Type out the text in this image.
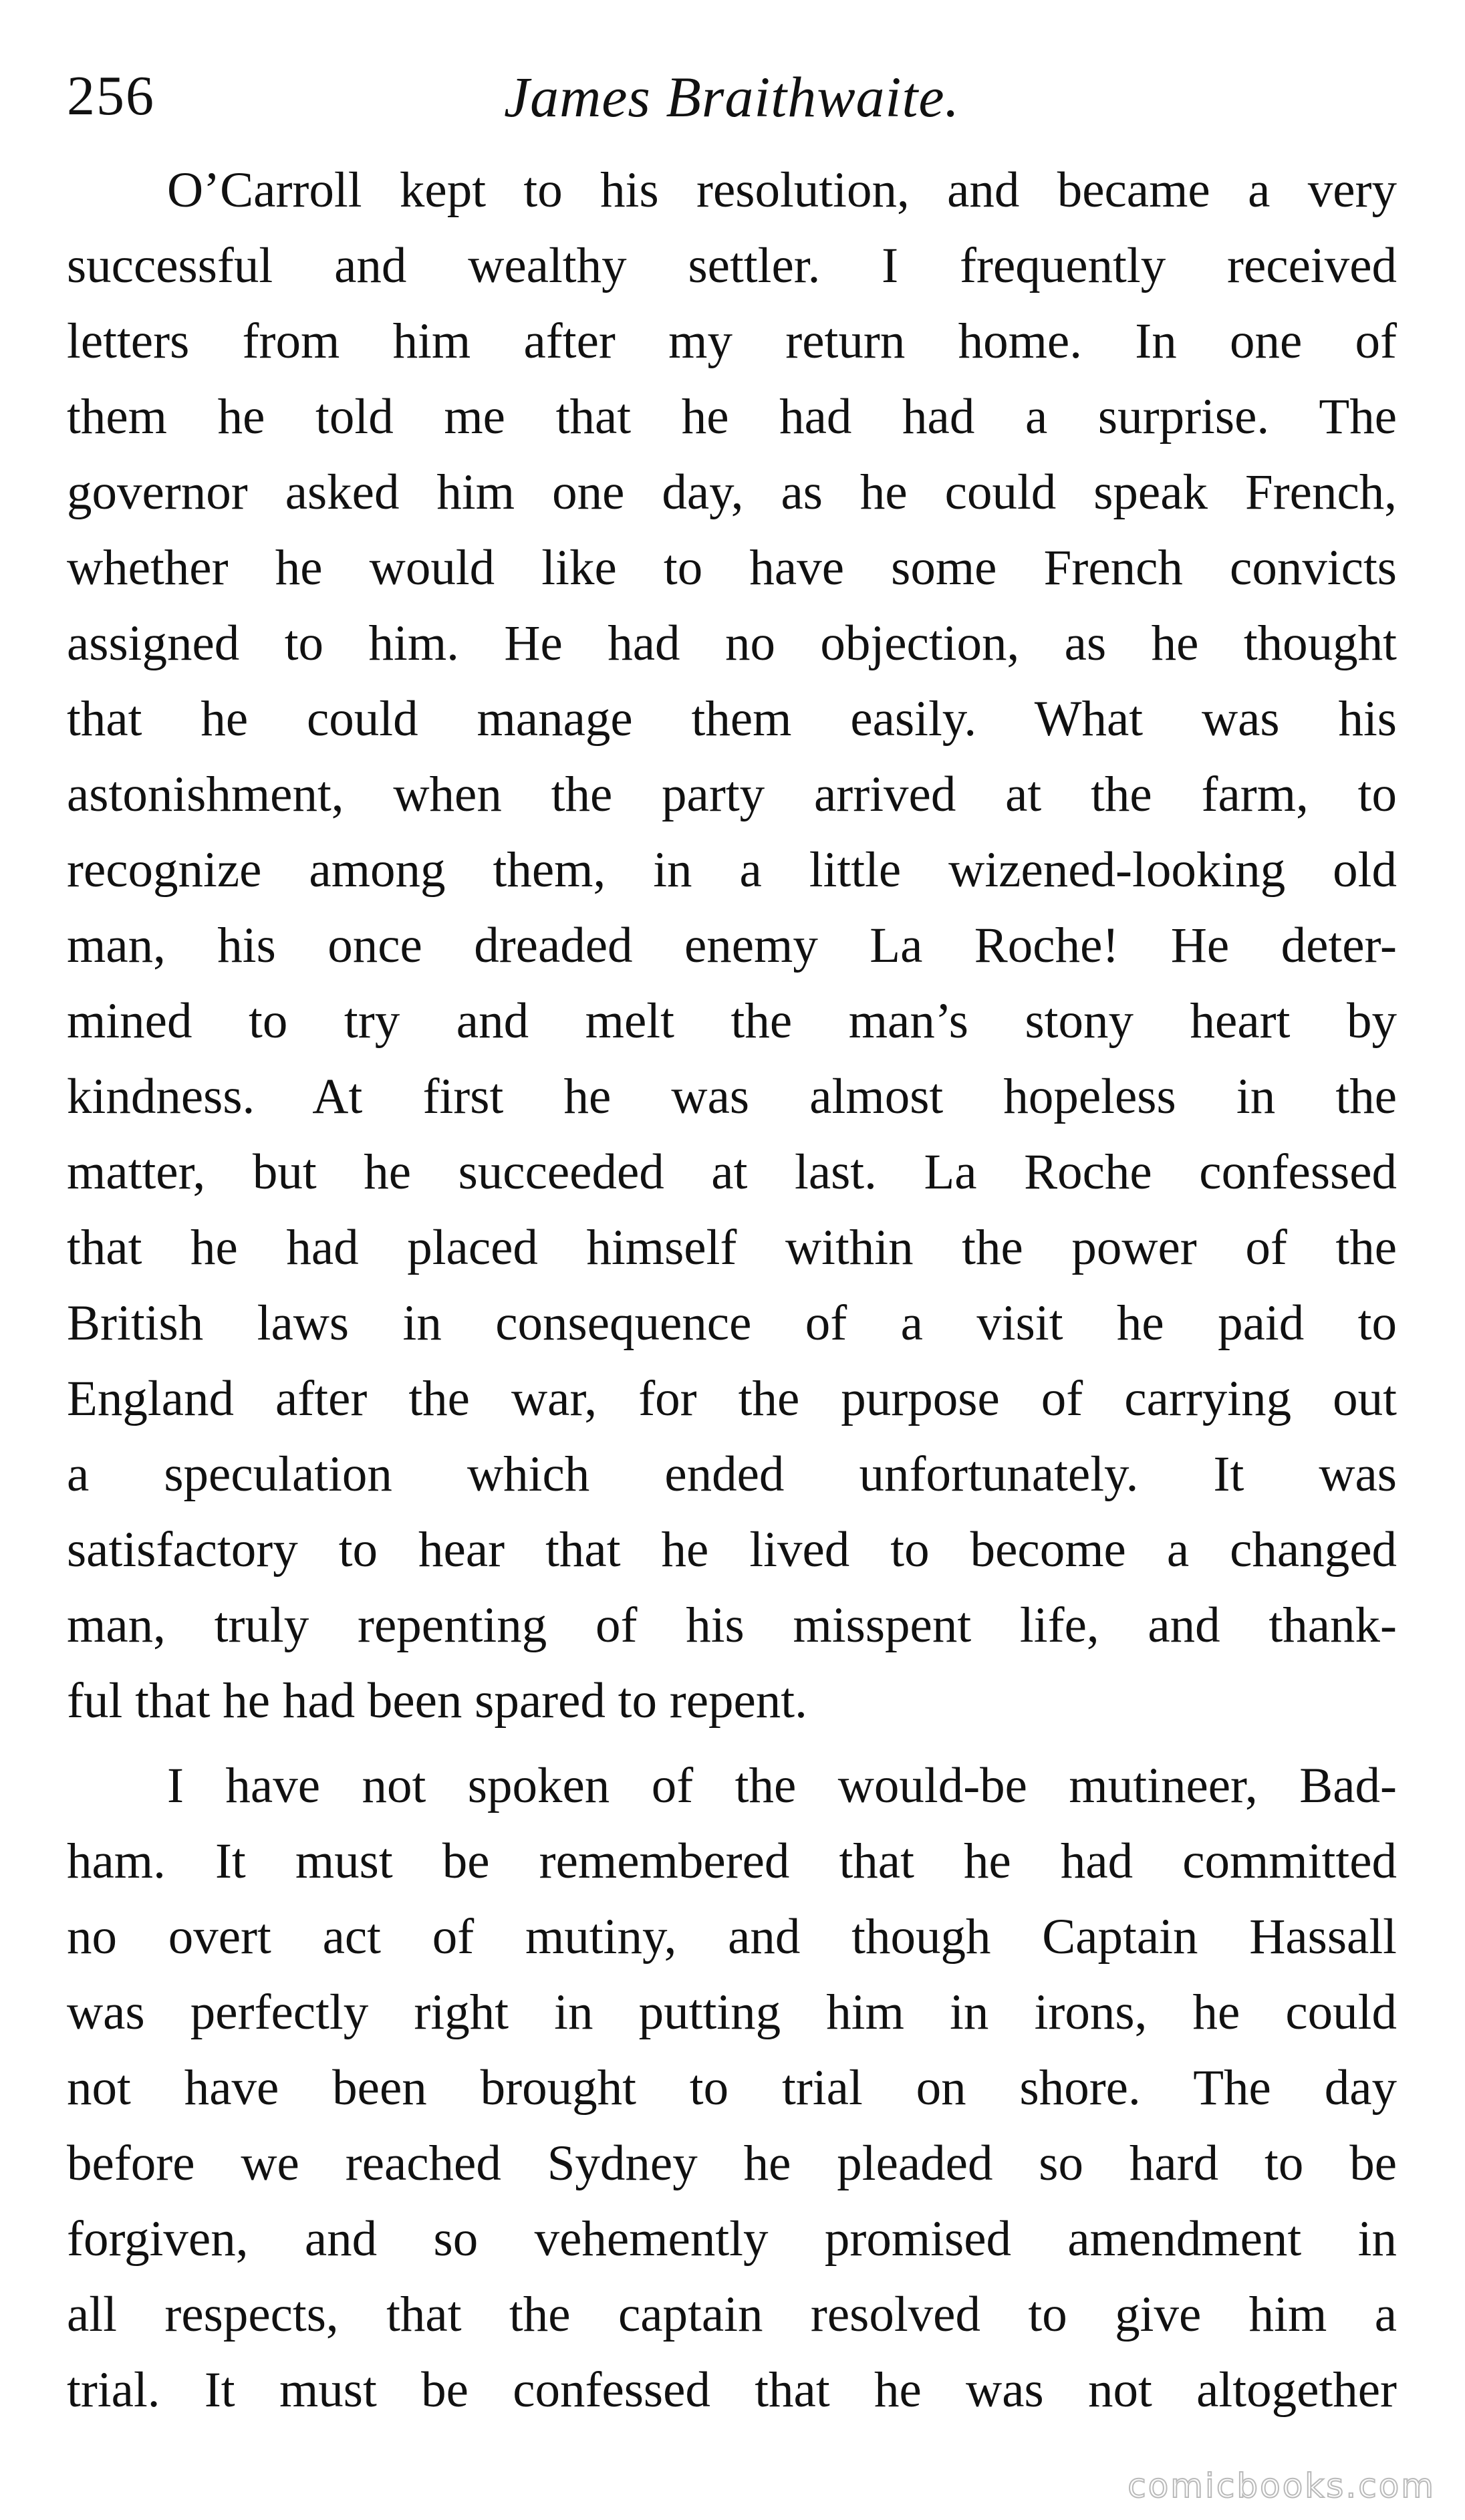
256	James Braithwaite.

O’Carroll kept to his resolution, and became a very
successful and wealthy settler. I frequently received
letters from him after my return home. In one of
them he told me that he had had a surprise. The
governor asked him one day, as he could speak French,
whether he would like to have some French convicts
assigned to him. He had no objection, as he thought
that he could manage them easily. What was his
astonishment, when the party arrived at the farm, to
recognize among them, in a little wizened-looking old
man, his once dreaded enemy La Roche! He deter-
mined to try and melt the man’s stony heart by
kindness. At first he was almost hopeless in the
matter, but he succeeded at last. La Roche confessed
that he had placed himself within the power of the
British laws in consequence of a visit he paid to
England after the war, for the purpose of carrying out
a speculation which ended unfortunately. It was
satisfactory to hear that he lived to become a changed
man, truly repenting of his misspent life, and thank-
ful that he had been spared to repent.

I have not spoken of the would-be mutineer, Bad-
ham. It must be remembered that he had committed
no overt act of mutiny, and though Captain Hassall
was perfectly right in putting him in irons, he could
not have been brought to trial on shore. The day
before we reached Sydney he pleaded so hard to be
forgiven, and so vehemently promised amendment in
all respects, that the captain resolved to give him a
trial. It must be confessed that he was not altogether

comicbooks.com
